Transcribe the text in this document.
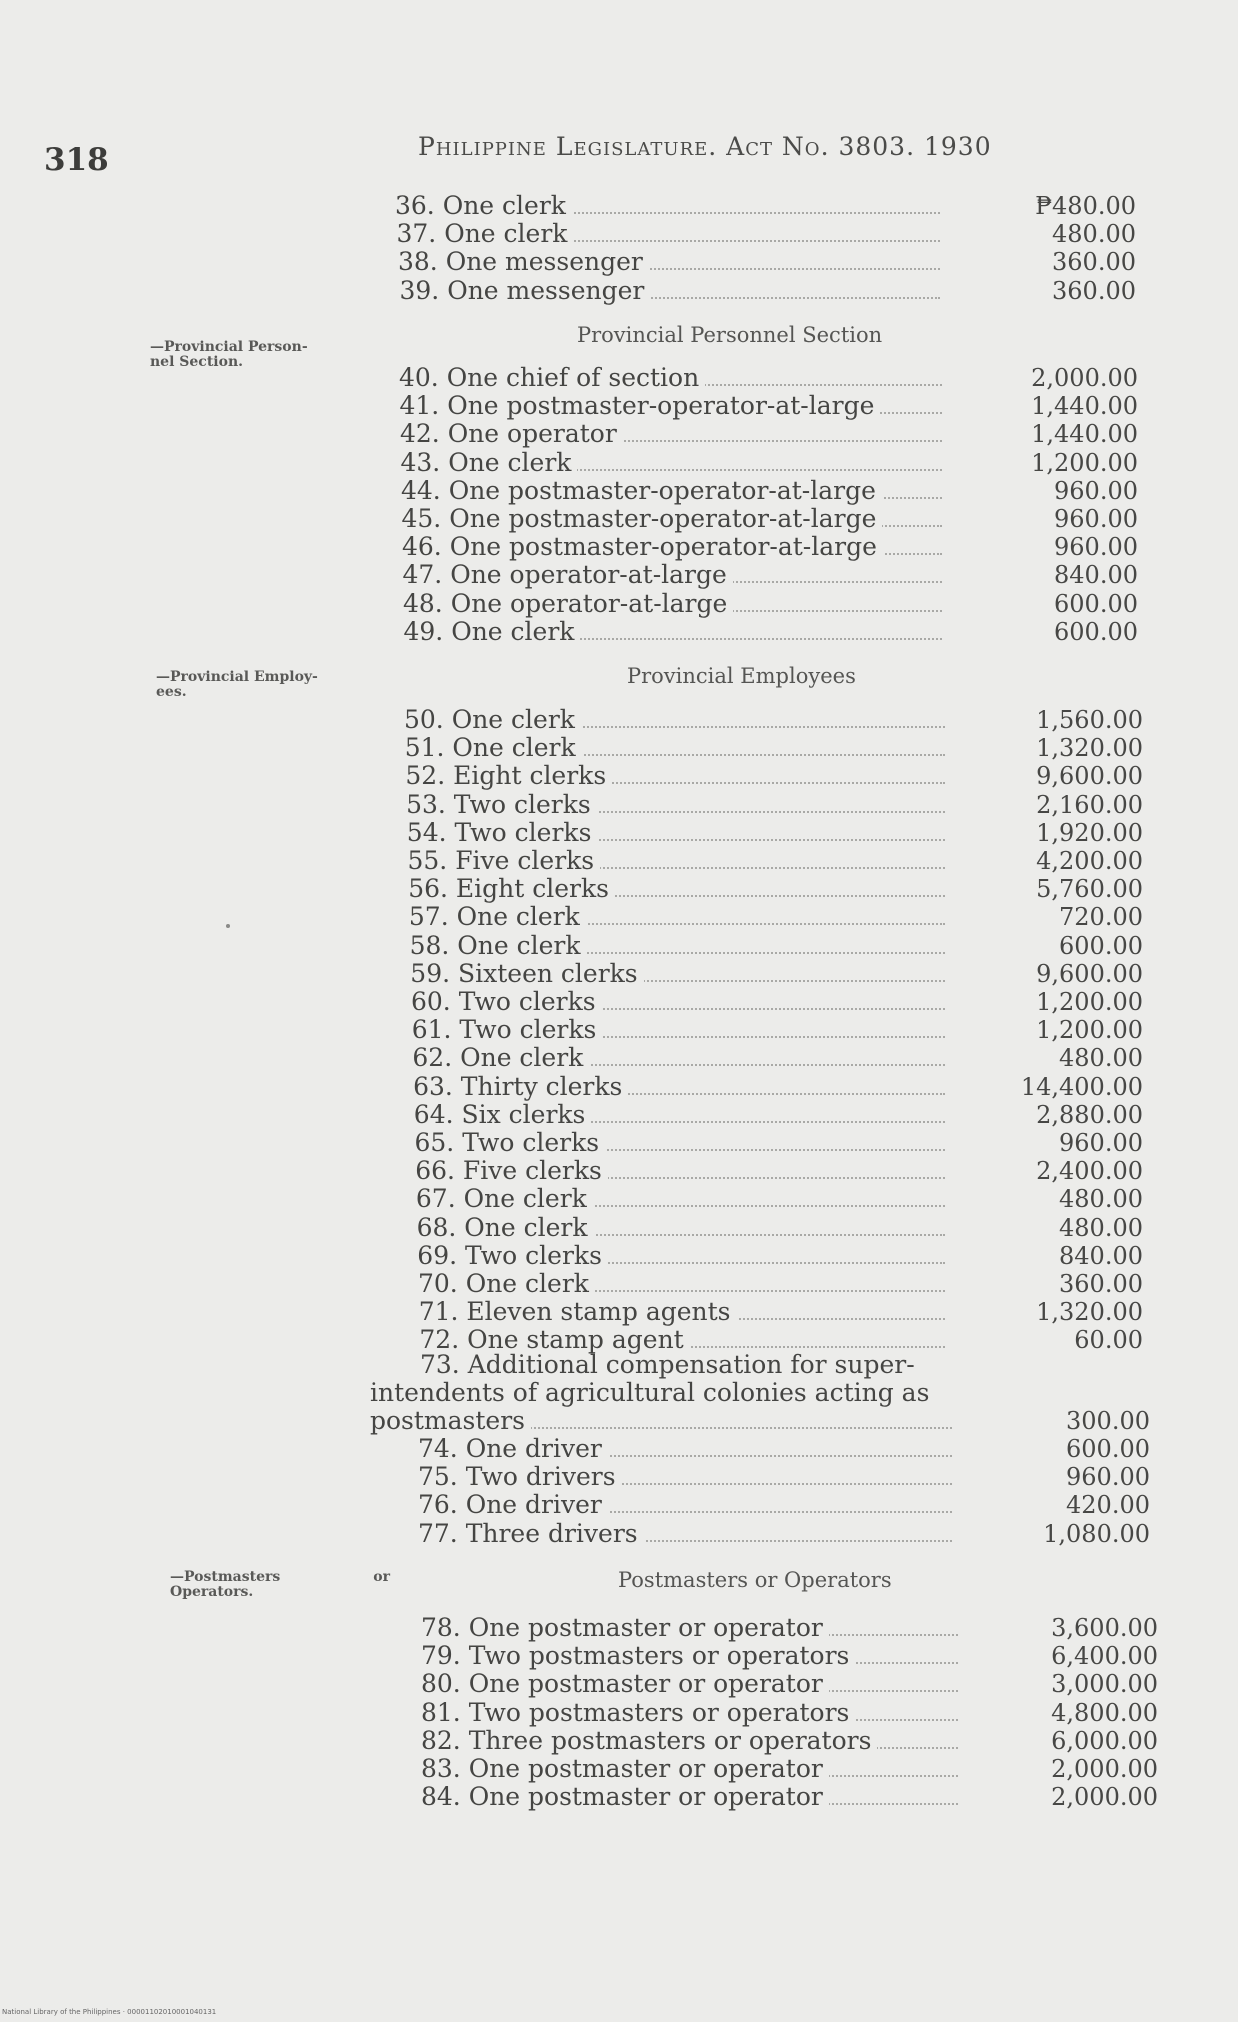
318	Philippine Legislature. Act No. 3803. 1930
36. One clerk	₱480.00
37. One clerk	480.00
38. One messenger	360.00
39. One messenger	360.00
Provincial Personnel Section
—Provincial Person-
nel Section.
40. One chief of section	2,000.00
41. One postmaster-operator-at-large	1,440.00
42. One operator	1,440.00
43. One clerk	1,200.00
44. One postmaster-operator-at-large	960.00
45. One postmaster-operator-at-large	960.00
46. One postmaster-operator-at-large	960.00
47. One operator-at-large	840.00
48. One operator-at-large	600.00
49. One clerk	600.00
Provincial Employees
—Provincial Employ-
ees.
50. One clerk	1,560.00
51. One clerk	1,320.00
52. Eight clerks	9,600.00
53. Two clerks	2,160.00
54. Two clerks	1,920.00
55. Five clerks	4,200.00
56. Eight clerks	5,760.00
57. One clerk	720.00
58. One clerk	600.00
59. Sixteen clerks	9,600.00
60. Two clerks	1,200.00
61. Two clerks	1,200.00
62. One clerk	480.00
63. Thirty clerks	14,400.00
64. Six clerks	2,880.00
65. Two clerks	960.00
66. Five clerks	2,400.00
67. One clerk	480.00
68. One clerk	480.00
69. Two clerks	840.00
70. One clerk	360.00
71. Eleven stamp agents	1,320.00
72. One stamp agent	60.00
73. Additional compensation for super-
intendents of agricultural colonies acting as
postmasters	300.00
74. One driver	600.00
75. Two drivers	960.00
76. One driver	420.00
77. Three drivers	1,080.00
Postmasters or Operators
—Postmasters	or
Operators.
78. One postmaster or operator	3,600.00
79. Two postmasters or operators	6,400.00
80. One postmaster or operator	3,000.00
81. Two postmasters or operators	4,800.00
82. Three postmasters or operators	6,000.00
83. One postmaster or operator	2,000.00
84. One postmaster or operator	2,000.00
National Library of the Philippines · 00001102010001040131
